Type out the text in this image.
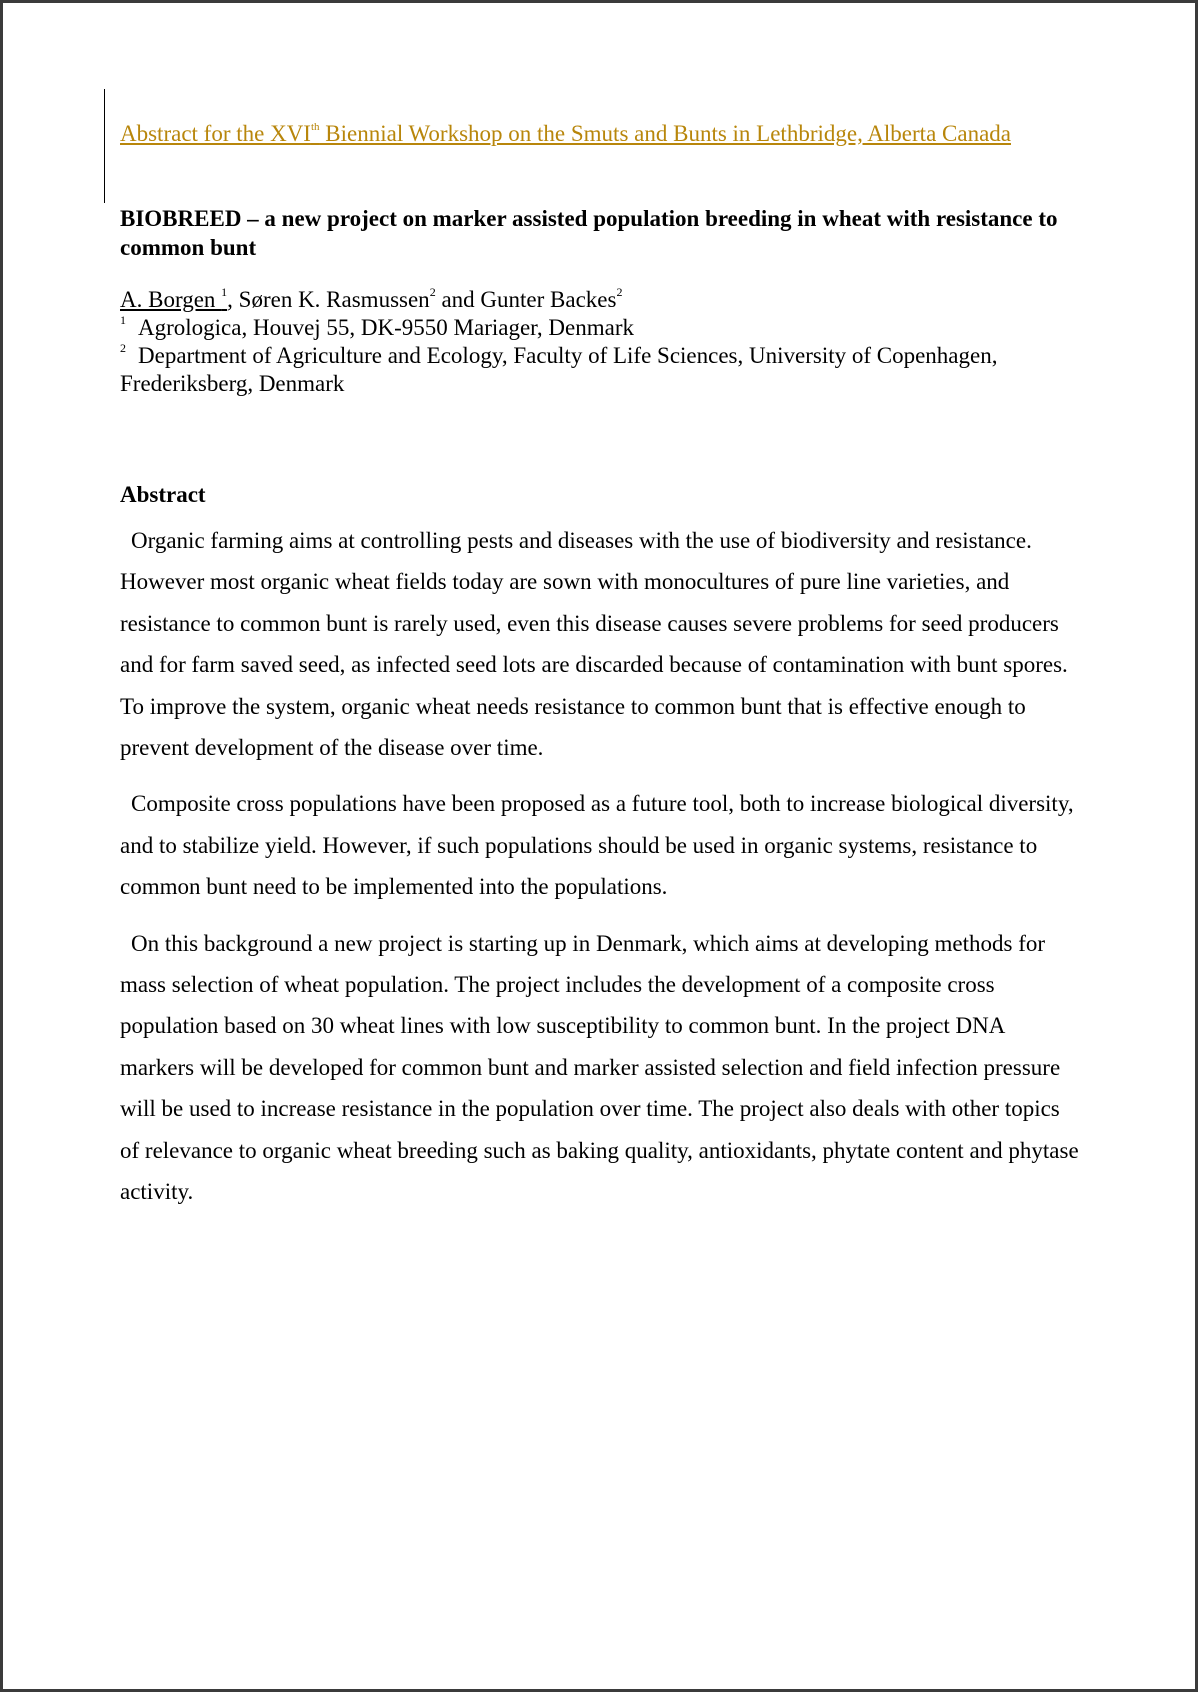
Abstract for the XVIth Biennial Workshop on the Smuts and Bunts in Lethbridge, Alberta Canada
BIOBREED – a new project on marker assisted population breeding in wheat with resistance to common bunt
A. Borgen $^1$, Søren K. Rasmussen$^2$ and Gunter Backes$^2$
1 Agrologica, Houvej 55, DK-9550 Mariager, Denmark
2 Department of Agriculture and Ecology, Faculty of Life Sciences, University of Copenhagen, Frederiksberg, Denmark
Abstract

Organic farming aims at controlling pests and diseases with the use of biodiversity and resistance. However most organic wheat fields today are sown with monocultures of pure line varieties, and resistance to common bunt is rarely used, even this disease causes severe problems for seed producers and for farm saved seed, as infected seed lots are discarded because of contamination with bunt spores. To improve the system, organic wheat needs resistance to common bunt that is effective enough to prevent development of the disease over time.

Composite cross populations have been proposed as a future tool, both to increase biological diversity, and to stabilize yield. However, if such populations should be used in organic systems, resistance to common bunt need to be implemented into the populations.

On this background a new project is starting up in Denmark, which aims at developing methods for mass selection of wheat population. The project includes the development of a composite cross population based on 30 wheat lines with low susceptibility to common bunt. In the project DNA markers will be developed for common bunt and marker assisted selection and field infection pressure will be used to increase resistance in the population over time. The project also deals with other topics of relevance to organic wheat breeding such as baking quality, antioxidants, phytate content and phytase activity.
